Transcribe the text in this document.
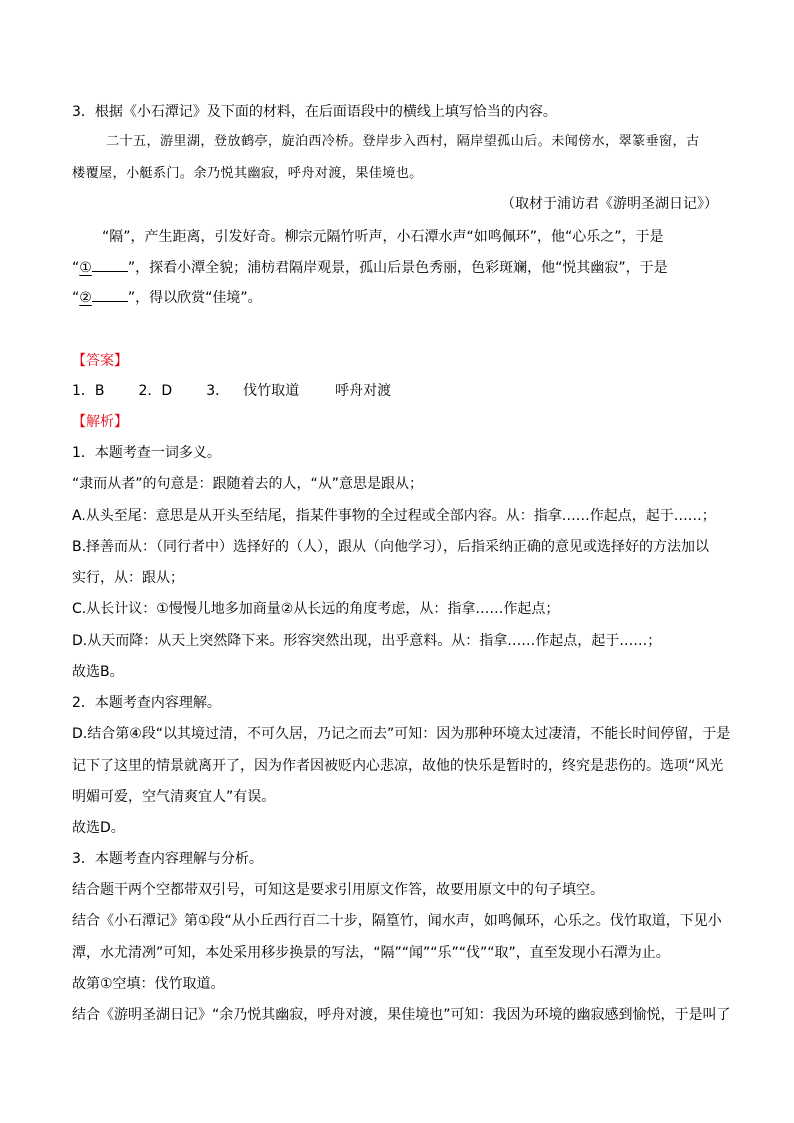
3．根据《小石潭记》及下面的材料，在后面语段中的横线上填写恰当的内容。
二十五，游里湖，登放鹤亭，旋泊西冷桥。登岸步入西村，隔岸望孤山后。未闻傍水，翠篆垂窗，古
楼覆屋，小艇系门。余乃悦其幽寂，呼舟对渡，果佳境也。
（取材于浦访君《游明圣湖日记》）
“隔”，产生距离，引发好奇。柳宗元隔竹听声，小石潭水声“如鸣佩环”，他“心乐之”，于是
“①	”，探看小潭全貌；浦枋君隔岸观景，孤山后景色秀丽，色彩斑斓，他“悦其幽寂”，于是
“②	”，得以欣赏“佳境”。
【答案】
1．B 2．D 3． 伐竹取道	呼舟对渡
【解析】
1．本题考查一词多义。
“隶而从者”的句意是：跟随着去的人，“从”意思是跟从；
A.从头至尾：意思是从开头至结尾，指某件事物的全过程或全部内容。从：指拿……作起点，起于……；
B.择善而从：（同行者中）选择好的（人），跟从（向他学习），后指采纳正确的意见或选择好的方法加以
实行，从：跟从；
C.从长计议：①慢慢儿地多加商量②从长远的角度考虑，从：指拿……作起点；
D.从天而降：从天上突然降下来。形容突然出现，出乎意料。从：指拿……作起点，起于……；
故选B。
2．本题考查内容理解。
D.结合第④段“以其境过清，不可久居，乃记之而去”可知：因为那种环境太过凄清，不能长时间停留，于是
记下了这里的情景就离开了，因为作者因被贬内心悲凉，故他的快乐是暂时的，终究是悲伤的。选项“风光
明媚可爱，空气清爽宜人”有误。
故选D。
3．本题考查内容理解与分析。
结合题干两个空都带双引号，可知这是要求引用原文作答，故要用原文中的句子填空。
结合《小石潭记》第①段“从小丘西行百二十步，隔篁竹，闻水声，如鸣佩环，心乐之。伐竹取道，下见小
潭，水尤清冽”可知，本处采用移步换景的写法，“隔”“闻”“乐”“伐”“取”，直至发现小石潭为止。
故第①空填：伐竹取道。
结合《游明圣湖日记》“余乃悦其幽寂，呼舟对渡，果佳境也”可知：我因为环境的幽寂感到愉悦，于是叫了
